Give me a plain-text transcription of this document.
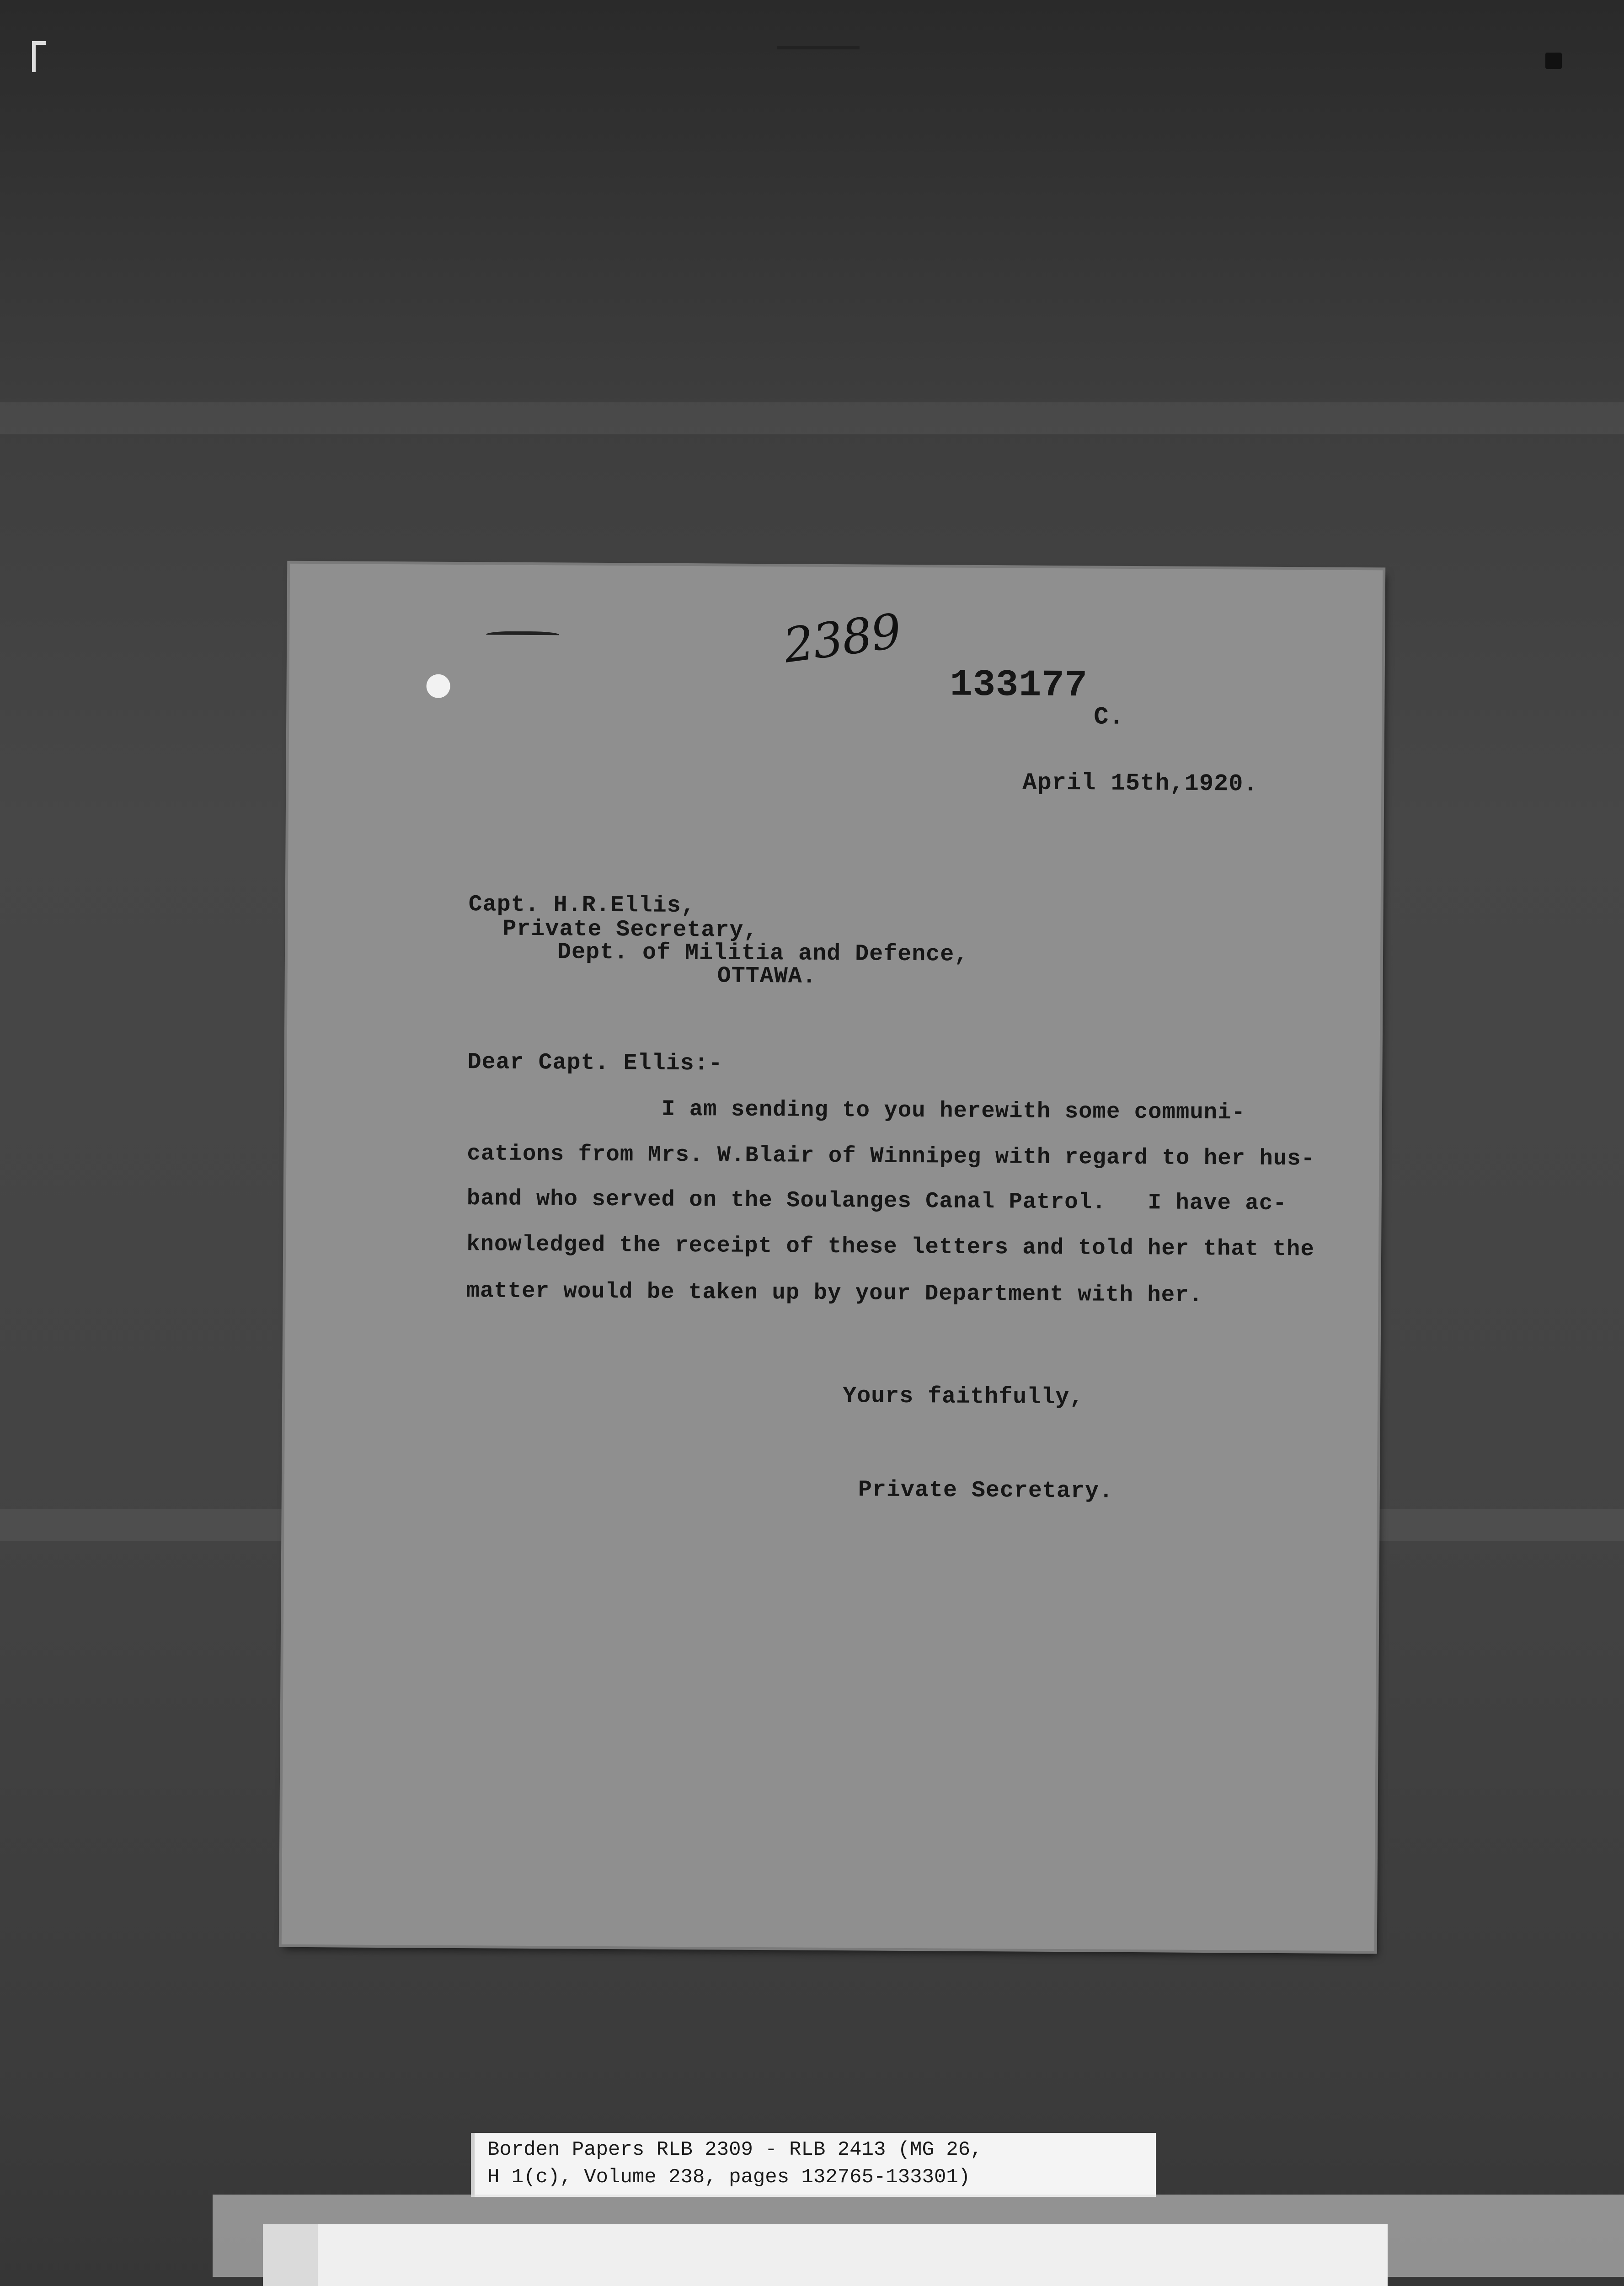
2389
133177
C.
April 15th,1920.
Capt. H.R.Ellis,
Private Secretary,
Dept. of Militia and Defence,
OTTAWA.
Dear Capt. Ellis:-
I am sending to you herewith some communi-
cations from Mrs. W.Blair of Winnipeg with regard to her hus-
band who served on the Soulanges Canal Patrol.   I have ac-
knowledged the receipt of these letters and told her that the
matter would be taken up by your Department with her.
Yours faithfully,
Private Secretary.
Borden Papers RLB 2309 - RLB 2413 (MG 26,
H 1(c), Volume 238, pages 132765-133301)
